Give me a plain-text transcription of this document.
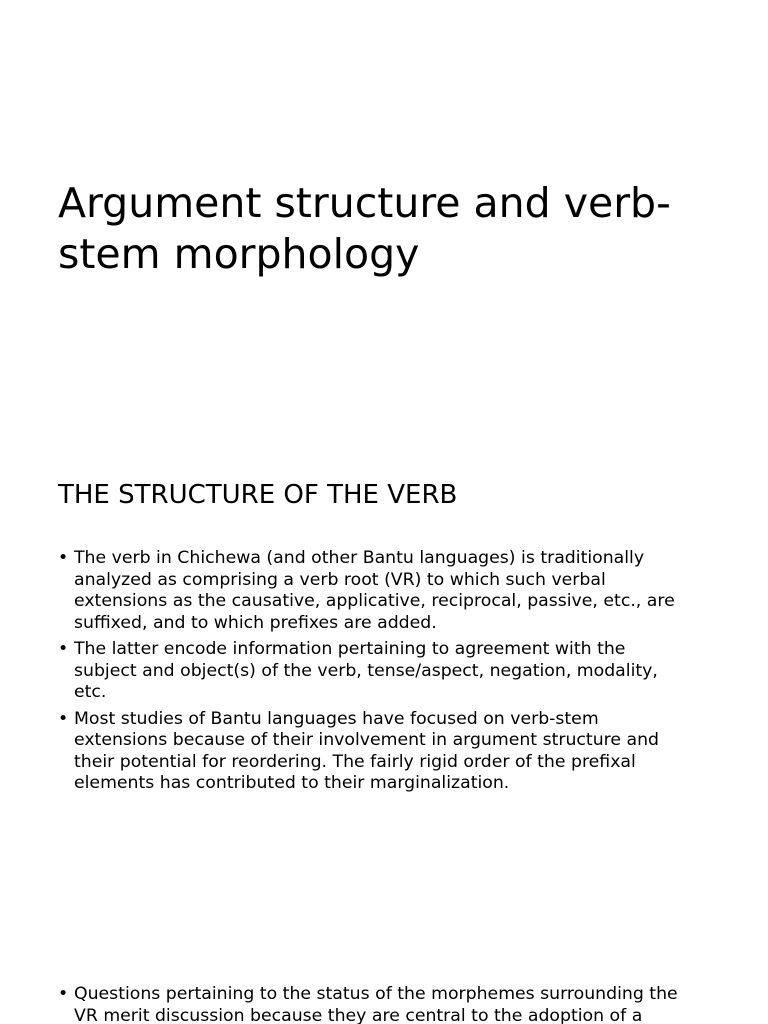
Argument structure and verb-
stem morphology
THE STRUCTURE OF THE VERB
• The verb in Chichewa (and other Bantu languages) is traditionally
analyzed as comprising a verb root (VR) to which such verbal
extensions as the causative, applicative, reciprocal, passive, etc., are
suffixed, and to which prefixes are added.
• The latter encode information pertaining to agreement with the
subject and object(s) of the verb, tense/aspect, negation, modality,
etc.
• Most studies of Bantu languages have focused on verb-stem
extensions because of their involvement in argument structure and
their potential for reordering. The fairly rigid order of the prefixal
elements has contributed to their marginalization.
• Questions pertaining to the status of the morphemes surrounding the
VR merit discussion because they are central to the adoption of a
